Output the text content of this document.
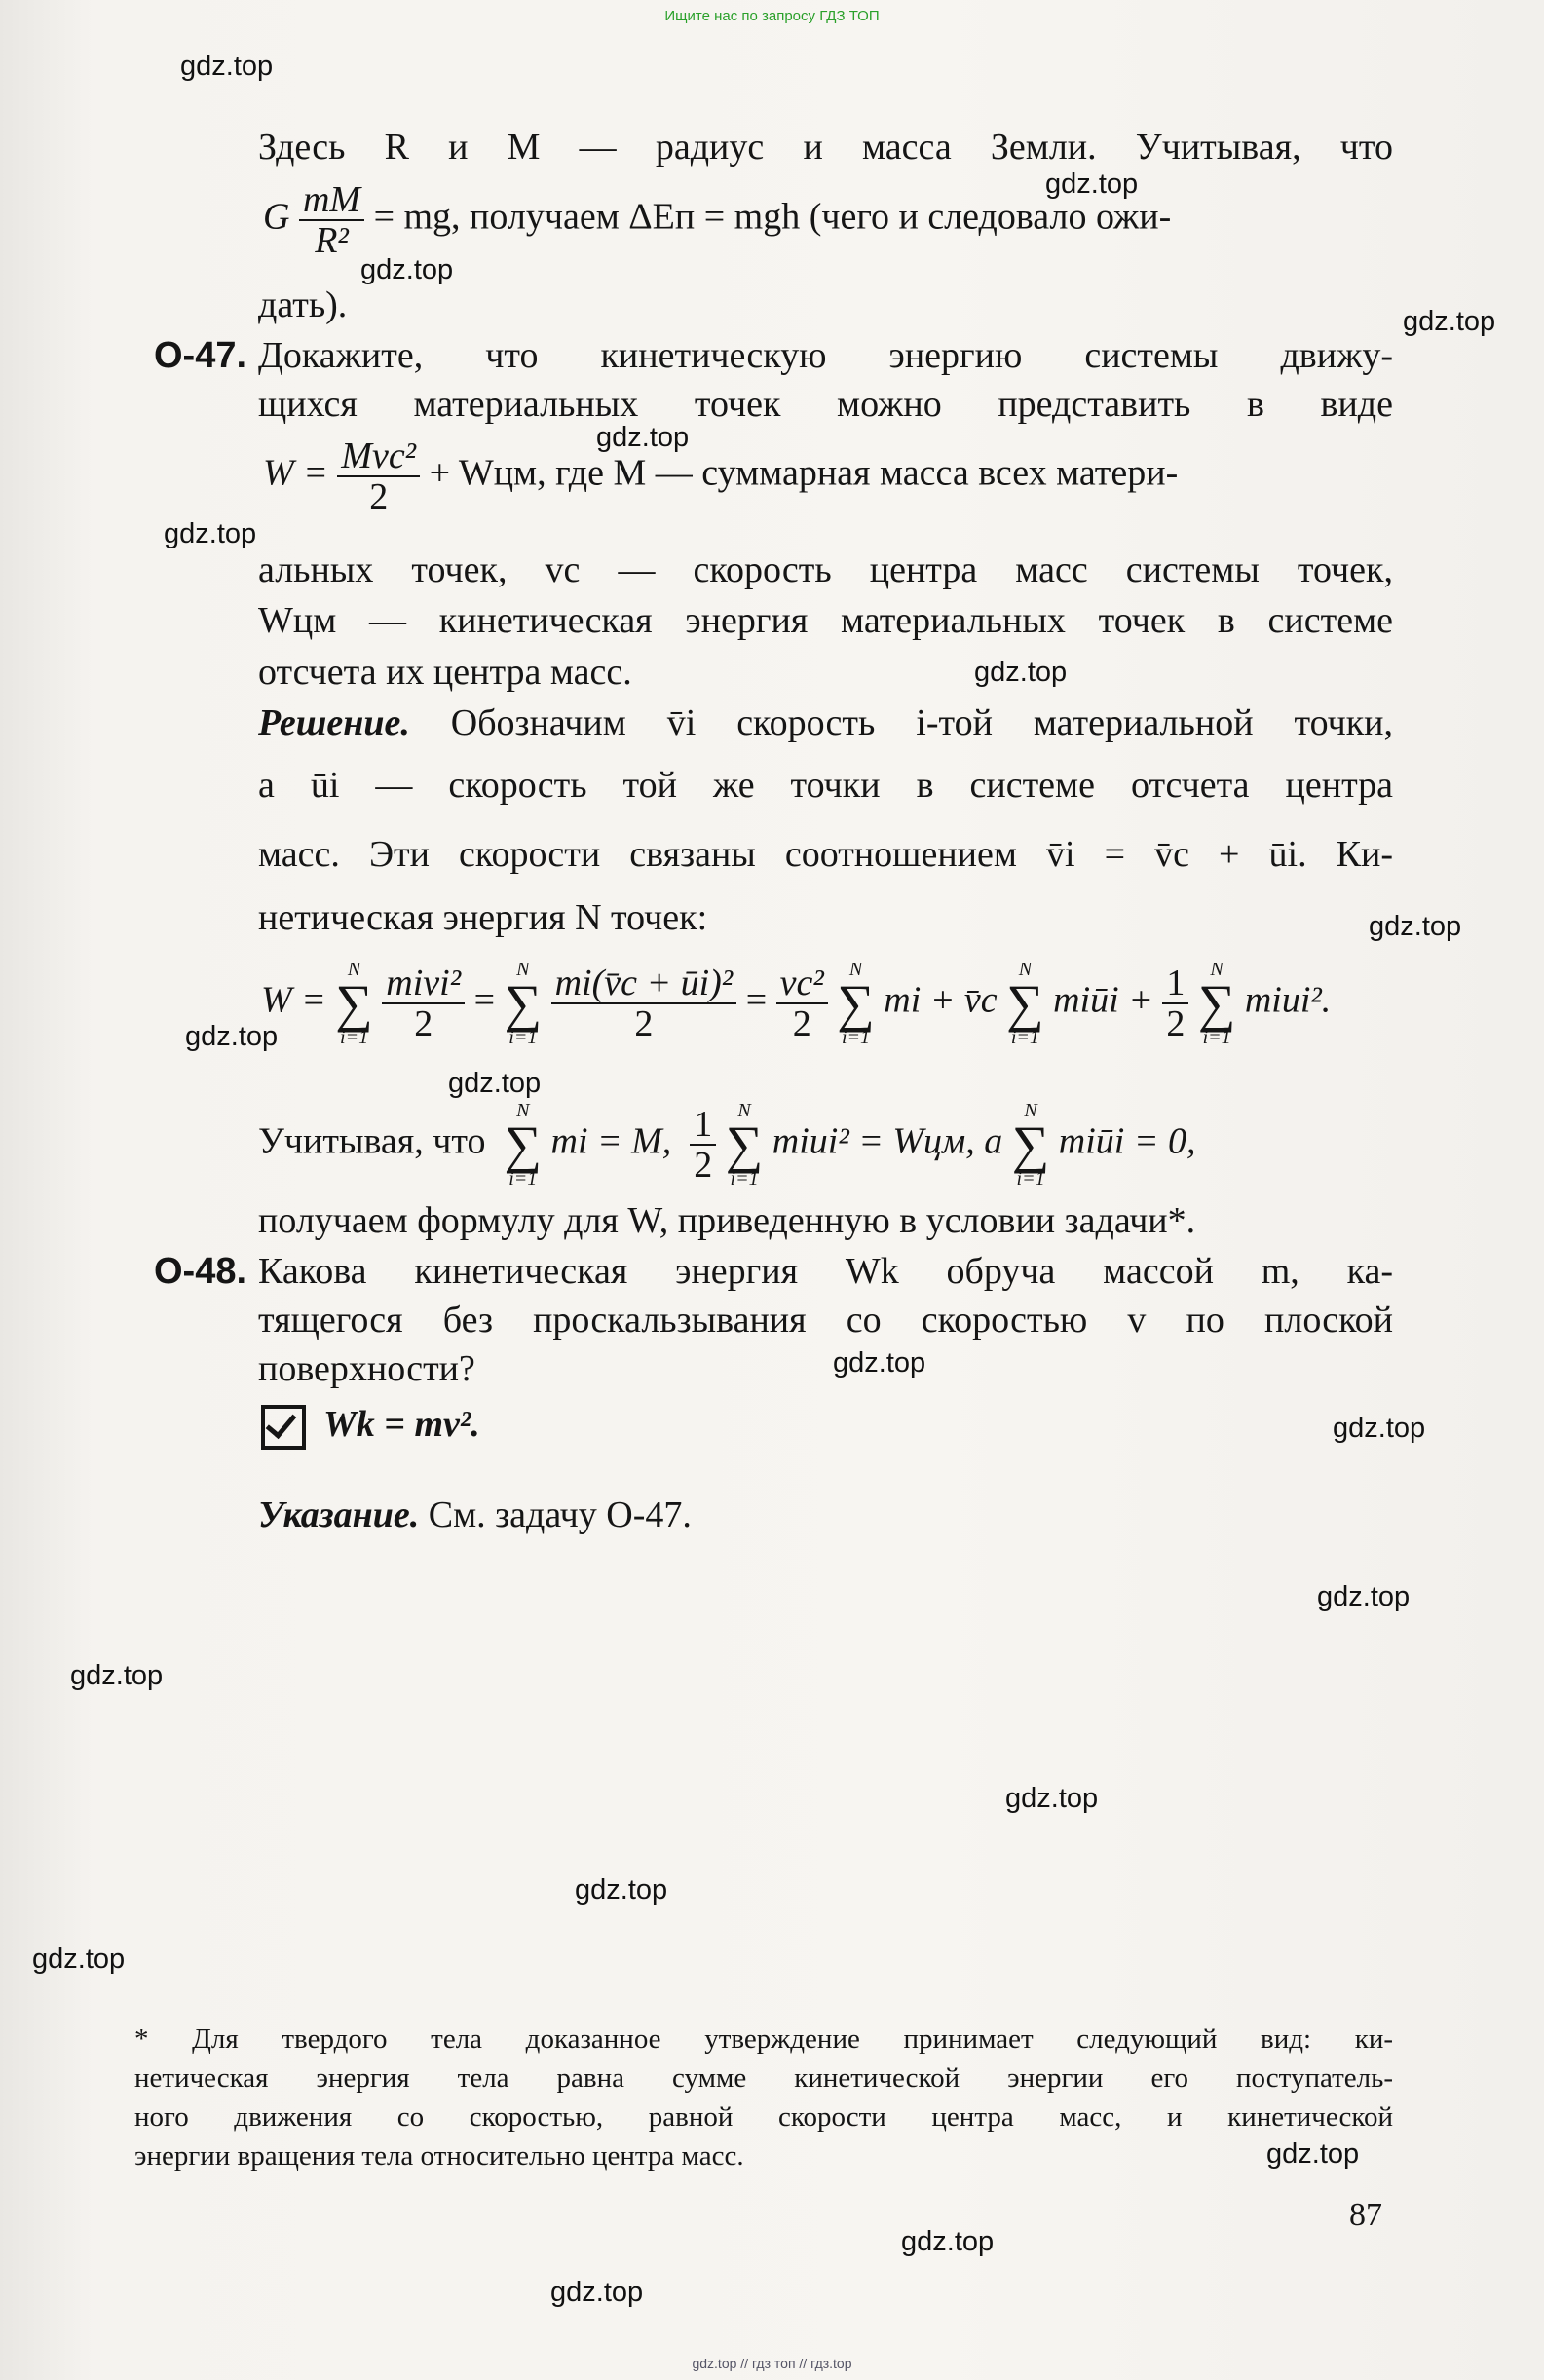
Ищите нас по запросу ГДЗ ТОП
gdz.top
gdz.top
gdz.top
gdz.top
gdz.top
gdz.top
gdz.top
gdz.top
gdz.top
gdz.top
gdz.top
gdz.top
gdz.top
gdz.top
gdz.top
gdz.top
gdz.top
gdz.top
gdz.top
gdz.top
Здесь R и M — радиус и масса Земли. Учитывая, что
G $\frac{mM}{\text{R²}}$ = mg, получаем ΔEп = mgh (чего и следовало ожи-
дать).
О-47. Докажите, что кинетическую энергию системы движу-
щихся материальных точек можно представить в виде
$W = \frac{\text{Mvc²}}{2}$ + Wцм, где M — суммарная масса всех матери-
альных точек, vc — скорость центра масс системы точек,
Wцм — кинетическая энергия материальных точек в системе
отсчета их центра масс.
Решение. Обозначим v̄i скорость i-той материальной точки,
а ūi — скорость той же точки в системе отсчета центра
масс. Эти скорости связаны соотношением v̄i = v̄c + ūi. Ки-
нетическая энергия N точек:
W = N
∑
$i=1 \frac{\text{mivi²}}{2} = N$
∑
$i=1 \frac{\text{mi(v̄c + ūi)²}}{2} = \frac{\text{vc²}}{2}$ N
∑
i=1 mi + v̄c N
∑
i=1 miūi + $\frac{1}{2}$ N
∑
i=1 miui².
Учитывая, что  N
∑
i=1 mi = M, $\frac{1}{2}$ N
∑
i=1 miui² = Wцм, а N
∑
i=1 miūi = 0,
получаем формулу для W, приведенную в условии задачи*.
О-48. Какова кинетическая энергия Wk обруча массой m, ка-
тящегося без проскальзывания со скоростью v по плоской
поверхности?
Wk = mv².
Указание. См. задачу О-47.
* Для твердого тела доказанное утверждение принимает следующий вид: ки-
нетическая энергия тела равна сумме кинетической энергии его поступатель-
ного движения со скоростью, равной скорости центра масс, и кинетической
энергии вращения тела относительно центра масс.
87
gdz.top // гдз топ // гдз.top
